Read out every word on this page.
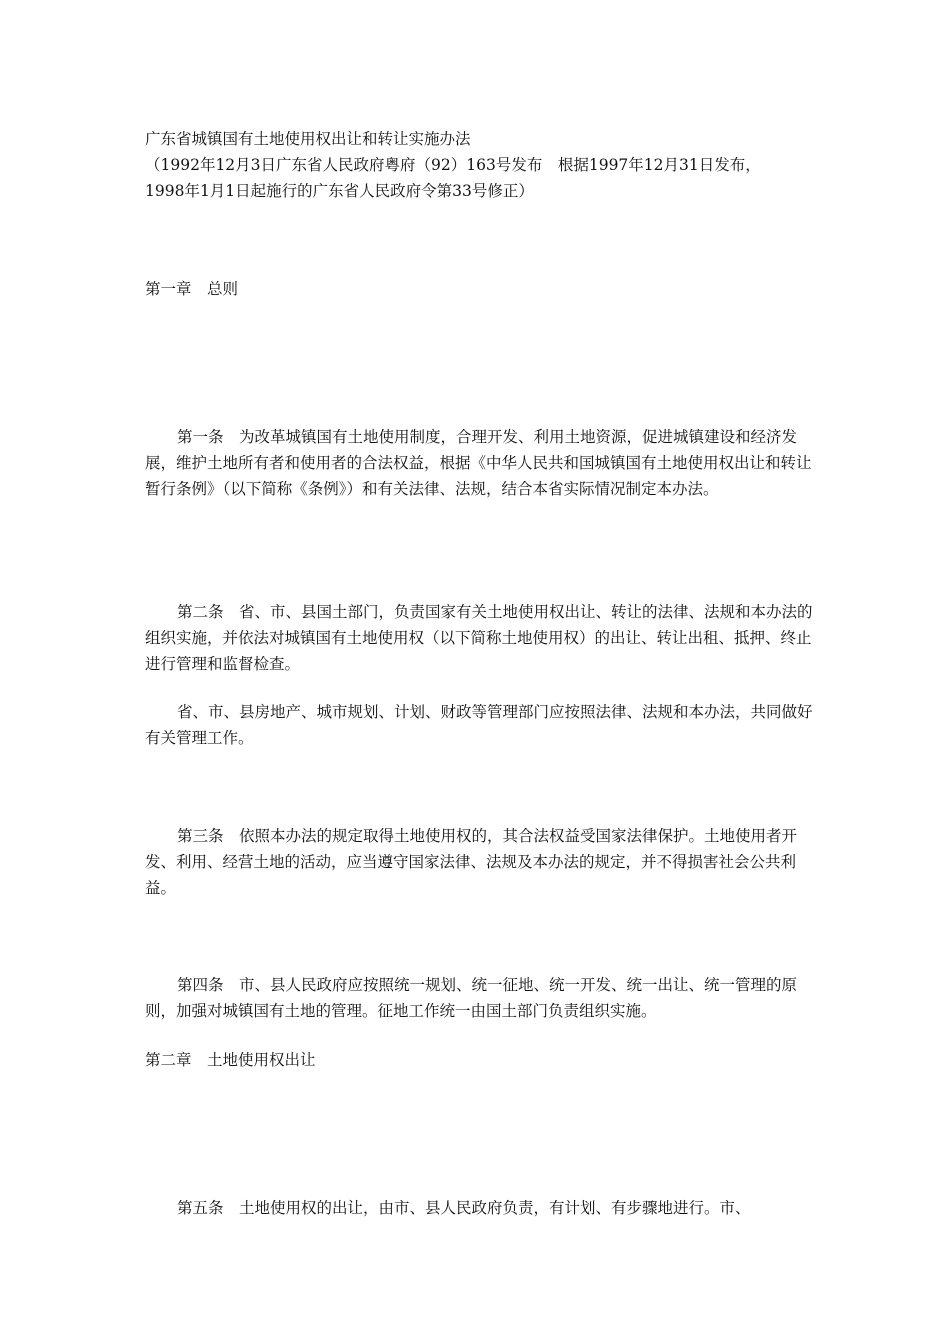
广东省城镇国有土地使用权出让和转让实施办法

（1992年12月3日广东省人民政府粤府（92）163号发布　根据1997年12月31日发布，
1998年1月1日起施行的广东省人民政府令第33号修正）

第一章　总则

第一条　为改革城镇国有土地使用制度，合理开发、利用土地资源，促进城镇建设和经济发展，维护土地所有者和使用者的合法权益，根据《中华人民共和国城镇国有土地使用权出让和转让暂行条例》（以下简称《条例》）和有关法律、法规，结合本省实际情况制定本办法。

第二条　省、市、县国土部门，负责国家有关土地使用权出让、转让的法律、法规和本办法的组织实施，并依法对城镇国有土地使用权（以下简称土地使用权）的出让、转让出租、抵押、终止进行管理和监督检查。

省、市、县房地产、城市规划、计划、财政等管理部门应按照法律、法规和本办法，共同做好有关管理工作。

第三条　依照本办法的规定取得土地使用权的，其合法权益受国家法律保护。土地使用者开发、利用、经营土地的活动，应当遵守国家法律、法规及本办法的规定，并不得损害社会公共利益。

第四条　市、县人民政府应按照统一规划、统一征地、统一开发、统一出让、统一管理的原则，加强对城镇国有土地的管理。征地工作统一由国土部门负责组织实施。

第二章　土地使用权出让

第五条　土地使用权的出让，由市、县人民政府负责，有计划、有步骤地进行。市、
